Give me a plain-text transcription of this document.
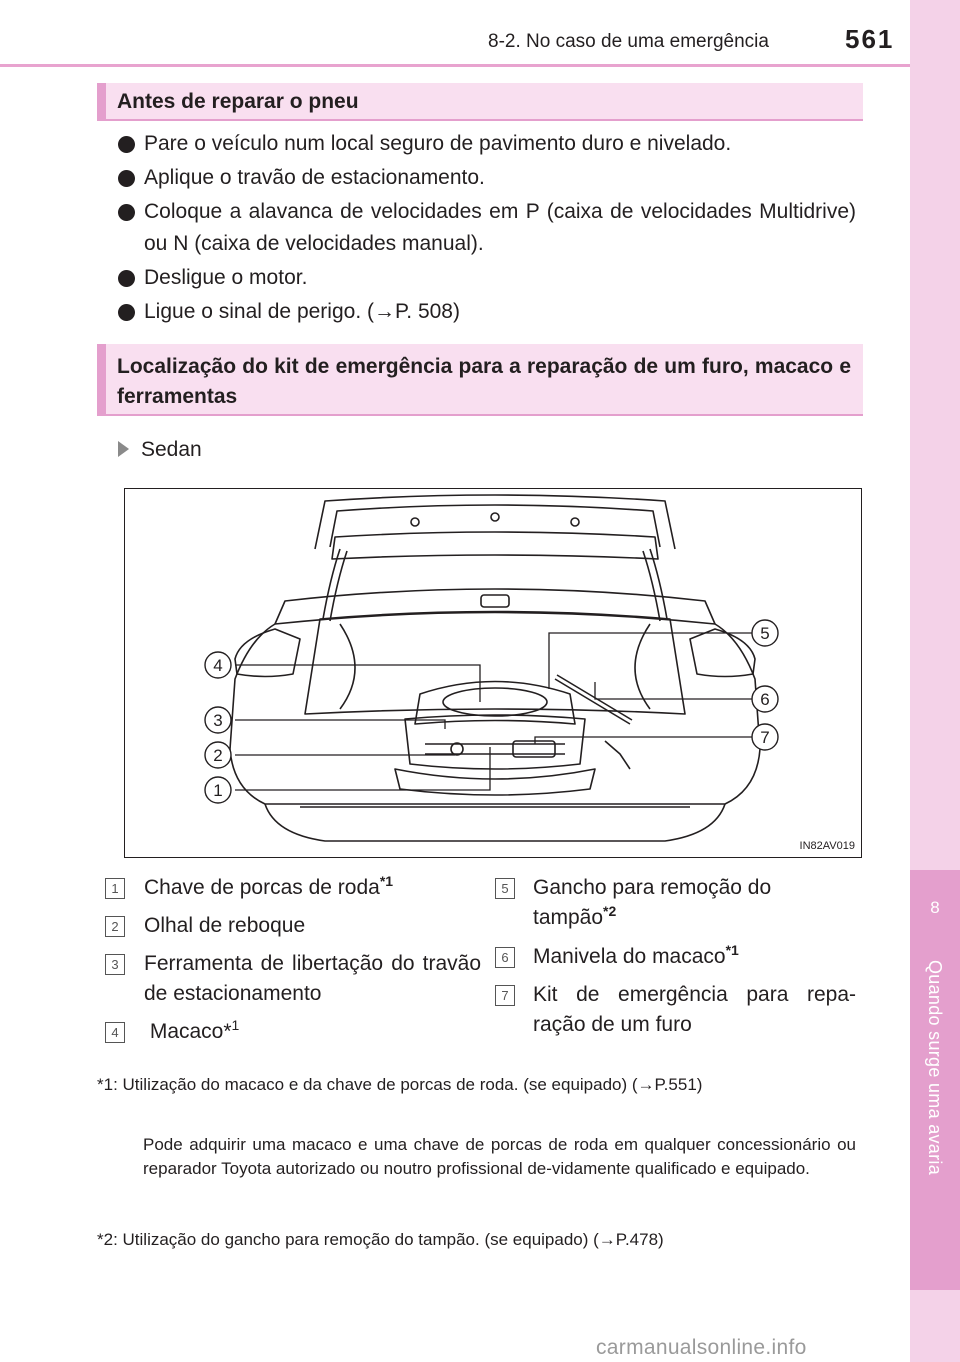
8-2. No caso de uma emergência	561
8
Quando surge uma avaria
Antes de reparar o pneu
Pare o veículo num local seguro de pavimento duro e nivelado.
Aplique o travão de estacionamento.
Coloque a alavanca de velocidades em P (caixa de velocidades Multidrive) ou N (caixa de velocidades manual).
Desligue o motor.
Ligue o sinal de perigo. (→P. 508)
Localização do kit de emergência para a reparação de um furo, macaco e ferramentas
Sedan
1
2
3
4
5
6
7
IN82AV019
1	Chave de porcas de roda$^{*1}$
2	Olhal de reboque
3	Ferramenta de libertação do travão de estacionamento
4	Macaco*$^1$
5	Gancho para remoção do tampão$^{*2}$
6	Manivela do macaco$^{*1}$
7	Kit de emergência para repa-ração de um furo
*1: Utilização do macaco e da chave de porcas de roda. (se equipado) (→P.551)
Pode adquirir uma macaco e uma chave de porcas de roda em qualquer concessionário ou reparador Toyota autorizado ou noutro profissional de-vidamente qualificado e equipado.
*2: Utilização do gancho para remoção do tampão. (se equipado) (→P.478)
carmanualsonline.info
